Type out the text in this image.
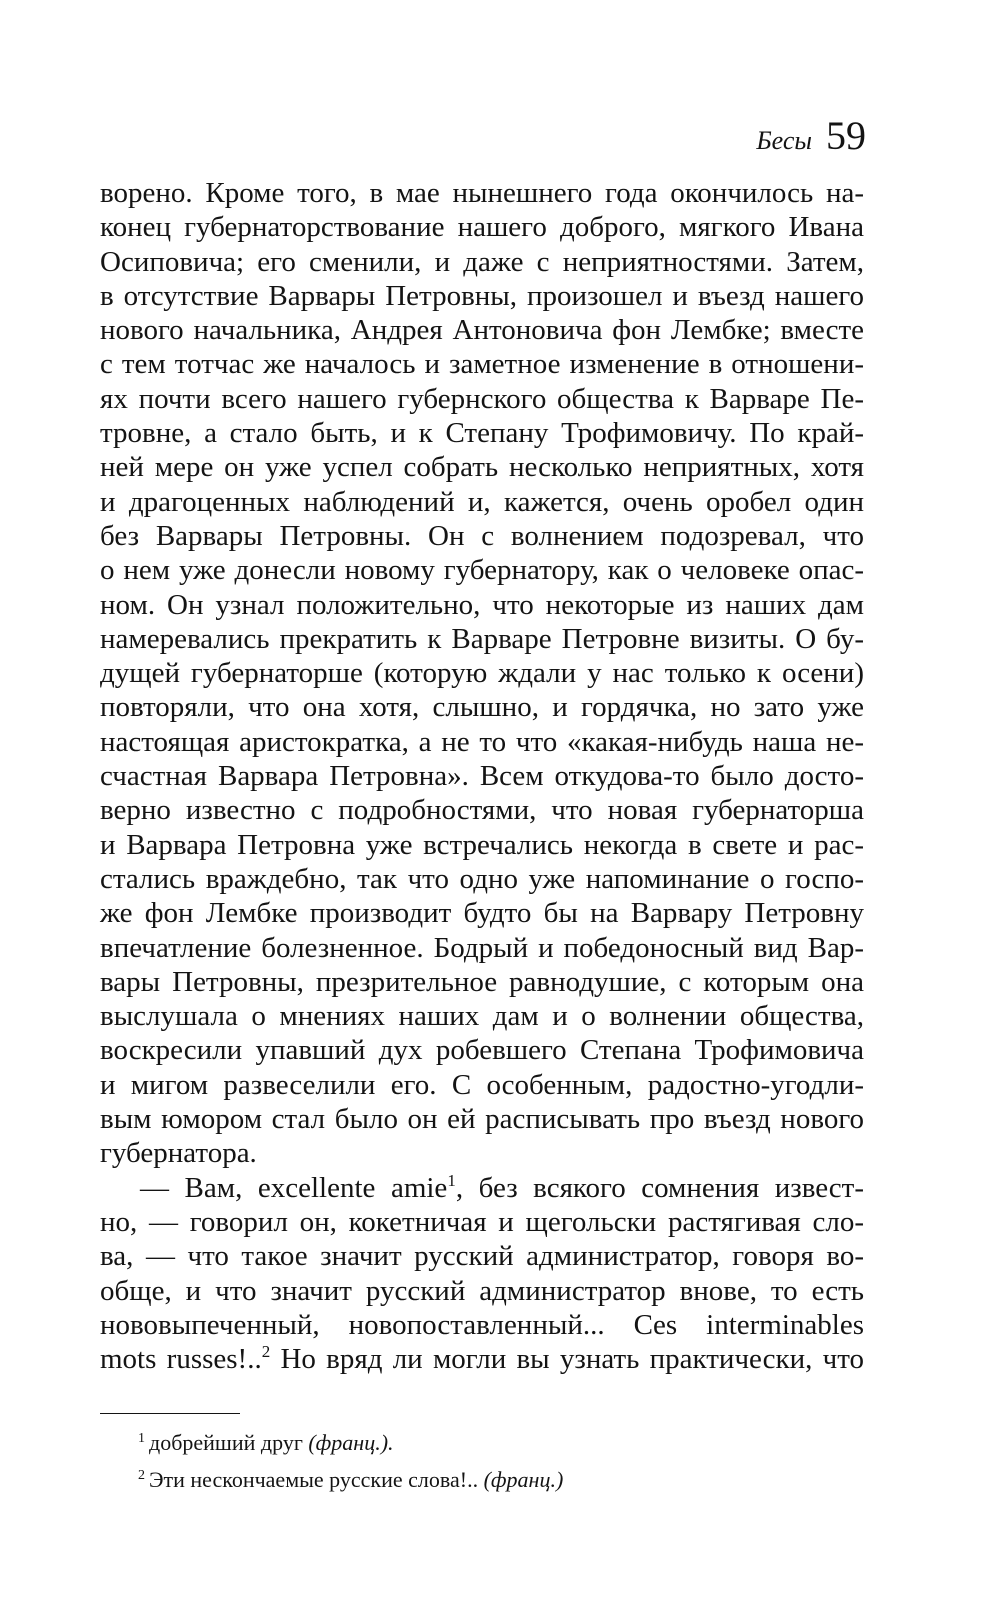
Бесы 59
ворено. Кроме того, в мае нынешнего года окончилось на-
конец губернаторствование нашего доброго, мягкого Ивана
Осиповича; его сменили, и даже с неприятностями. Затем,
в отсутствие Варвары Петровны, произошел и въезд нашего
нового начальника, Андрея Антоновича фон Лембке; вместе
с тем тотчас же началось и заметное изменение в отношени-
ях почти всего нашего губернского общества к Варваре Пе-
тровне, а стало быть, и к Степану Трофимовичу. По край-
ней мере он уже успел собрать несколько неприятных, хотя
и драгоценных наблюдений и, кажется, очень оробел один
без Варвары Петровны. Он с волнением подозревал, что
о нем уже донесли новому губернатору, как о человеке опас-
ном. Он узнал положительно, что некоторые из наших дам
намеревались прекратить к Варваре Петровне визиты. О бу-
дущей губернаторше (которую ждали у нас только к осени)
повторяли, что она хотя, слышно, и гордячка, но зато уже
настоящая аристократка, а не то что «какая-нибудь наша не-
счастная Варвара Петровна». Всем откудова-то было досто-
верно известно с подробностями, что новая губернаторша
и Варвара Петровна уже встречались некогда в свете и рас-
стались враждебно, так что одно уже напоминание о госпо-
же фон Лембке производит будто бы на Варвару Петровну
впечатление болезненное. Бодрый и победоносный вид Вар-
вары Петровны, презрительное равнодушие, с которым она
выслушала о мнениях наших дам и о волнении общества,
воскресили упавший дух робевшего Степана Трофимовича
и мигом развеселили его. С особенным, радостно-угодли-
вым юмором стал было он ей расписывать про въезд нового
губернатора.
— Вам, excellente amie$^1$, без всякого сомнения извест-
но, — говорил он, кокетничая и щегольски растягивая сло-
ва, — что такое значит русский администратор, говоря во-
обще, и что значит русский администратор внове, то есть
нововыпеченный, новопоставленный... Ces interminables
mots russes!..$^2$ Но вряд ли могли вы узнать практически, что
$^1$ добрейший друг (франц.).
$^2$ Эти нескончаемые русские слова!.. (франц.)
